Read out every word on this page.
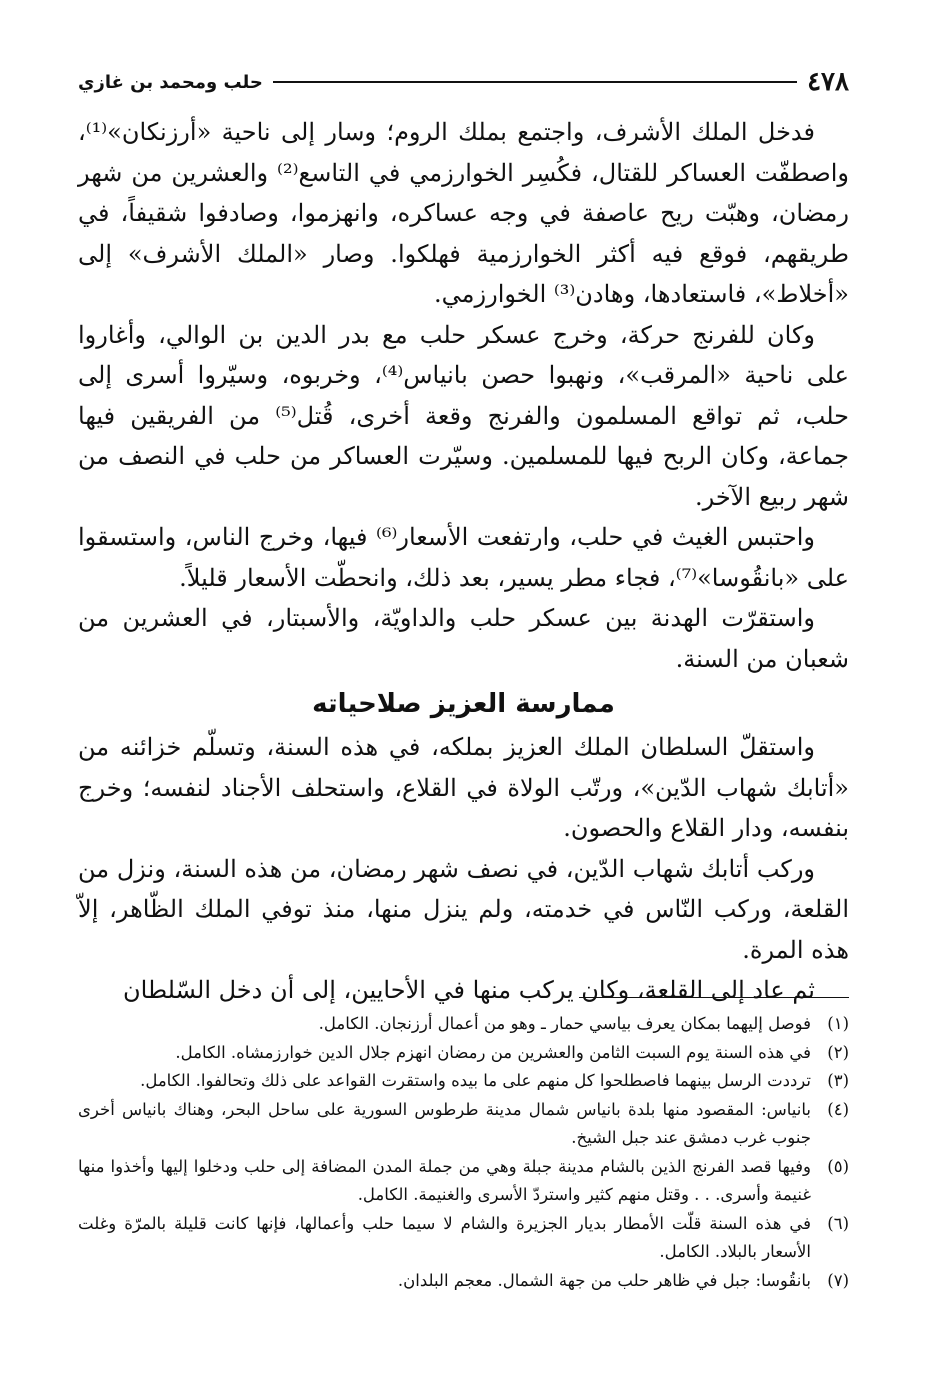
٤٧٨
حلب ومحمد بن غازي

فدخل الملك الأشرف، واجتمع بملك الروم؛ وسار إلى ناحية «أرزنكان»⁽¹⁾، واصطفّت العساكر للقتال، فكُسِر الخوارزمي في التاسع⁽²⁾ والعشرين من شهر رمضان، وهبّت ريح عاصفة في وجه عساكره، وانهزموا، وصادفوا شقيفاً، في طريقهم، فوقع فيه أكثر الخوارزمية فهلكوا. وصار «الملك الأشرف» إلى «أخلاط»، فاستعادها، وهادن⁽³⁾ الخوارزمي.

وكان للفرنج حركة، وخرج عسكر حلب مع بدر الدين بن الوالي، وأغاروا على ناحية «المرقب»، ونهبوا حصن بانياس⁽⁴⁾، وخربوه، وسيّروا أسرى إلى حلب، ثم تواقع المسلمون والفرنج وقعة أخرى، قُتل⁽⁵⁾ من الفريقين فيها جماعة، وكان الربح فيها للمسلمين. وسيّرت العساكر من حلب في النصف من شهر ربيع الآخر.

واحتبس الغيث في حلب، وارتفعت الأسعار⁽⁶⁾ فيها، وخرج الناس، واستسقوا على «بانقُوسا»⁽⁷⁾، فجاء مطر يسير، بعد ذلك، وانحطّت الأسعار قليلاً.

واستقرّت الهدنة بين عسكر حلب والداويّة، والأسبتار، في العشرين من شعبان من السنة.

ممارسة العزيز صلاحياته

واستقلّ السلطان الملك العزيز بملكه، في هذه السنة، وتسلّم خزائنه من «أتابك شهاب الدّين»، ورتّب الولاة في القلاع، واستحلف الأجناد لنفسه؛ وخرج بنفسه، ودار القلاع والحصون.

وركب أتابك شهاب الدّين، في نصف شهر رمضان، من هذه السنة، ونزل من القلعة، وركب النّاس في خدمته، ولم ينزل منها، منذ توفي الملك الظّاهر، إلاّ هذه المرة.

ثم عاد إلى القلعة، وكان يركب منها في الأحايين، إلى أن دخل السّلطان

(١)
فوصل إليهما بمكان يعرف بياسي حمار ـ وهو من أعمال أرزنجان. الكامل.
(٢)
في هذه السنة يوم السبت الثامن والعشرين من رمضان انهزم جلال الدين خوارزمشاه. الكامل.
(٣)
ترددت الرسل بينهما فاصطلحوا كل منهم على ما بيده واستقرت القواعد على ذلك وتحالفوا. الكامل.
(٤)
بانياس: المقصود منها بلدة بانياس شمال مدينة طرطوس السورية على ساحل البحر، وهناك بانياس أخرى جنوب غرب دمشق عند جبل الشيخ.
(٥)
وفيها قصد الفرنج الذين بالشام مدينة جبلة وهي من جملة المدن المضافة إلى حلب ودخلوا إليها وأخذوا منها غنيمة وأسرى. . . وقتل منهم كثير واستردّ الأسرى والغنيمة. الكامل.
(٦)
في هذه السنة قلّت الأمطار بديار الجزيرة والشام لا سيما حلب وأعمالها، فإنها كانت قليلة بالمرّة وغلت الأسعار بالبلاد. الكامل.
(٧)
بانقُوسا: جبل في ظاهر حلب من جهة الشمال. معجم البلدان.
